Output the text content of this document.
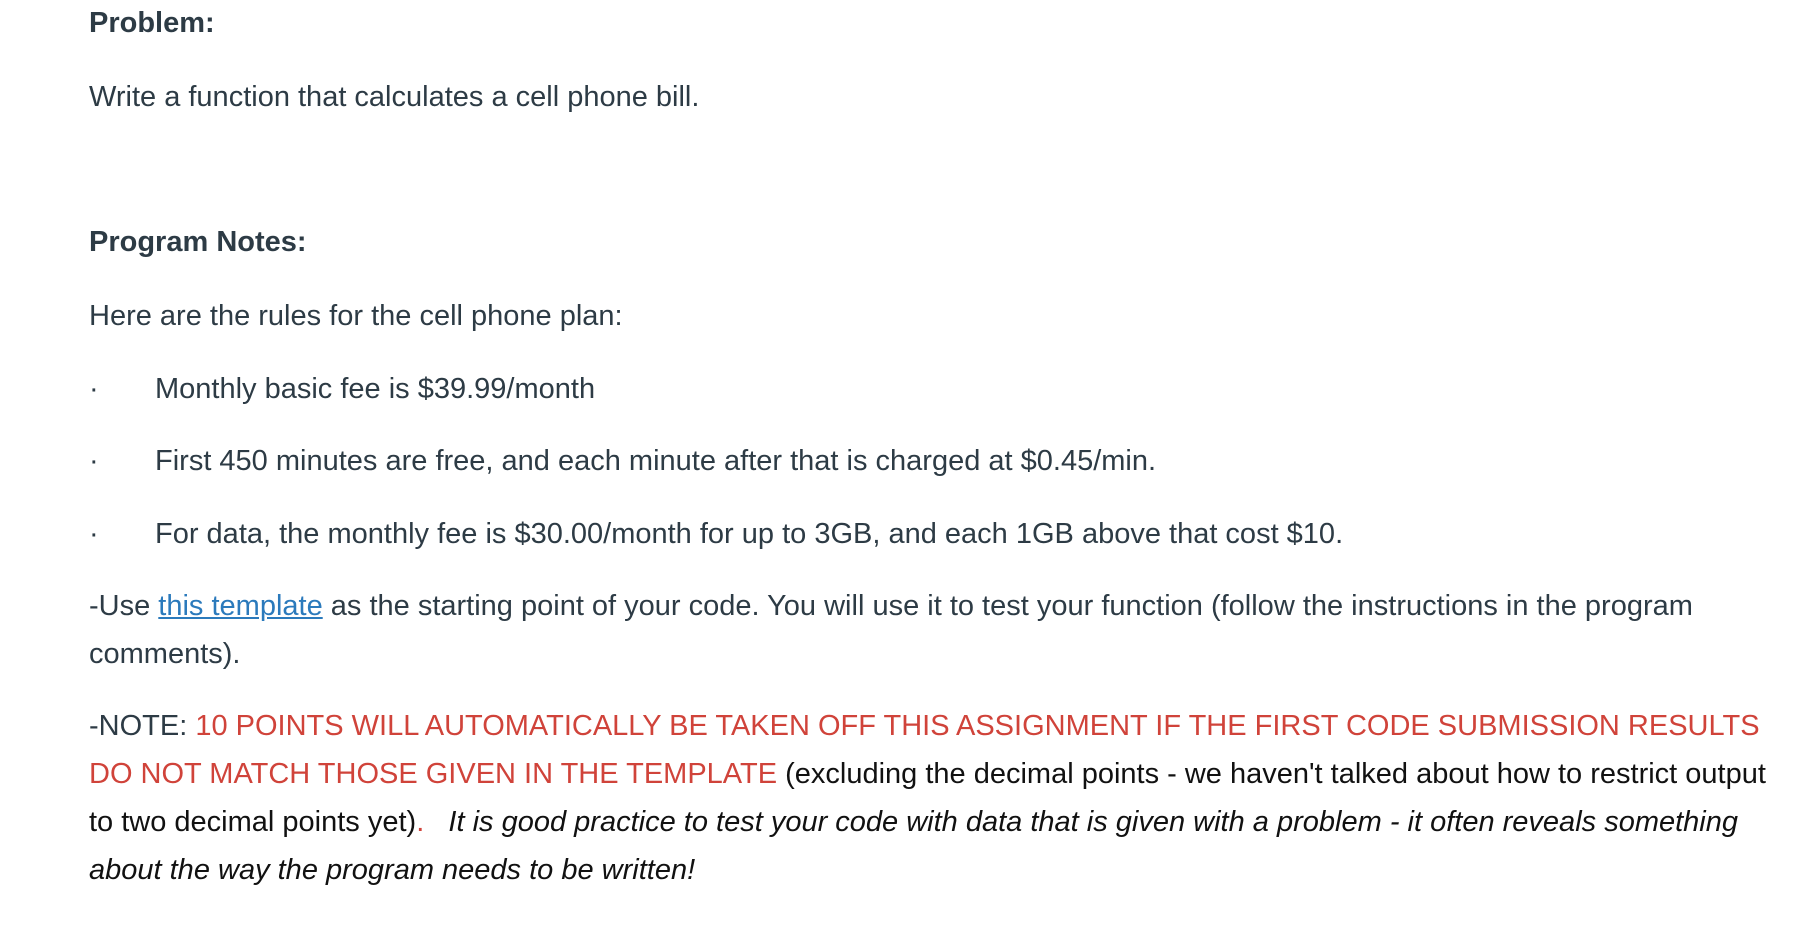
Problem:

Write a function that calculates a cell phone bill.

Program Notes:

Here are the rules for the cell phone plan:

·	Monthly basic fee is $39.99/month
·	First 450 minutes are free, and each minute after that is charged at $0.45/min.
·	For data, the monthly fee is $30.00/month for up to 3GB, and each 1GB above that cost $10.

-Use this template as the starting point of your code. You will use it to test your function (follow the instructions in the program comments).

-NOTE: 10 POINTS WILL AUTOMATICALLY BE TAKEN OFF THIS ASSIGNMENT IF THE FIRST CODE SUBMISSION RESULTS DO NOT MATCH THOSE GIVEN IN THE TEMPLATE (excluding the decimal points - we haven't talked about how to restrict output to two decimal points yet).   It is good practice to test your code with data that is given with a problem - it often reveals something about the way the program needs to be written!
